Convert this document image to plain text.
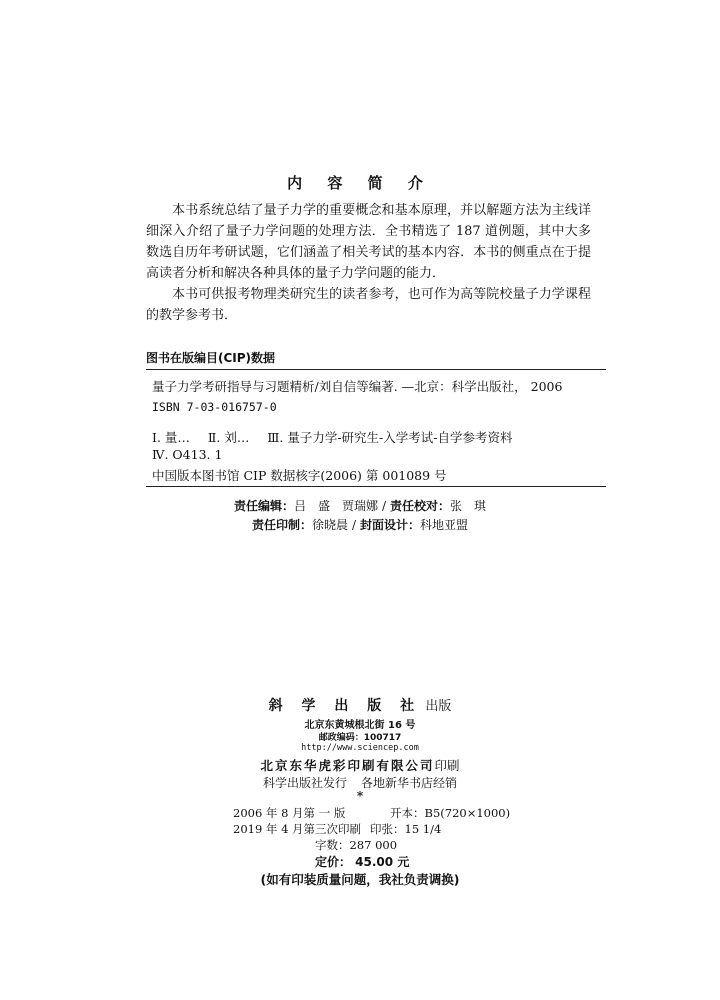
内 容 简 介

本书系统总结了量子力学的重要概念和基本原理，并以解题方法为主线详细深入介绍了量子力学问题的处理方法．全书精选了 187 道例题，其中大多数选自历年考研试题，它们涵盖了相关考试的基本内容．本书的侧重点在于提高读者分析和解决各种具体的量子力学问题的能力．

本书可供报考物理类研究生的读者参考，也可作为高等院校量子力学课程的教学参考书．

图书在版编目(CIP)数据
量子力学考研指导与习题精析/刘自信等编著. —北京：科学出版社， 2006
ISBN 7-03-016757-0
Ⅰ. 量… Ⅱ. 刘… Ⅲ. 量子力学-研究生-入学考试-自学参考资料
Ⅳ. O413. 1
中国版本图书馆 CIP 数据核字(2006) 第 001089 号
责任编辑：吕　盛　贾瑞娜 / 责任校对：张　琪
责任印制：徐晓晨 / 封面设计：科地亚盟
斜 学 出 版 社 出版
北京东黄城根北街 16 号
邮政编码：100717
http://www.sciencep.com
北京东华虎彩印刷有限公司印刷
科学出版社发行 各地新华书店经销
*
2006 年 8 月第 一 版	开本：B5(720×1000)
2019 年 4 月第三次印刷 印张：15 1/4
字数：287 000
定价： 45.00 元
(如有印装质量问题，我社负责调换)
